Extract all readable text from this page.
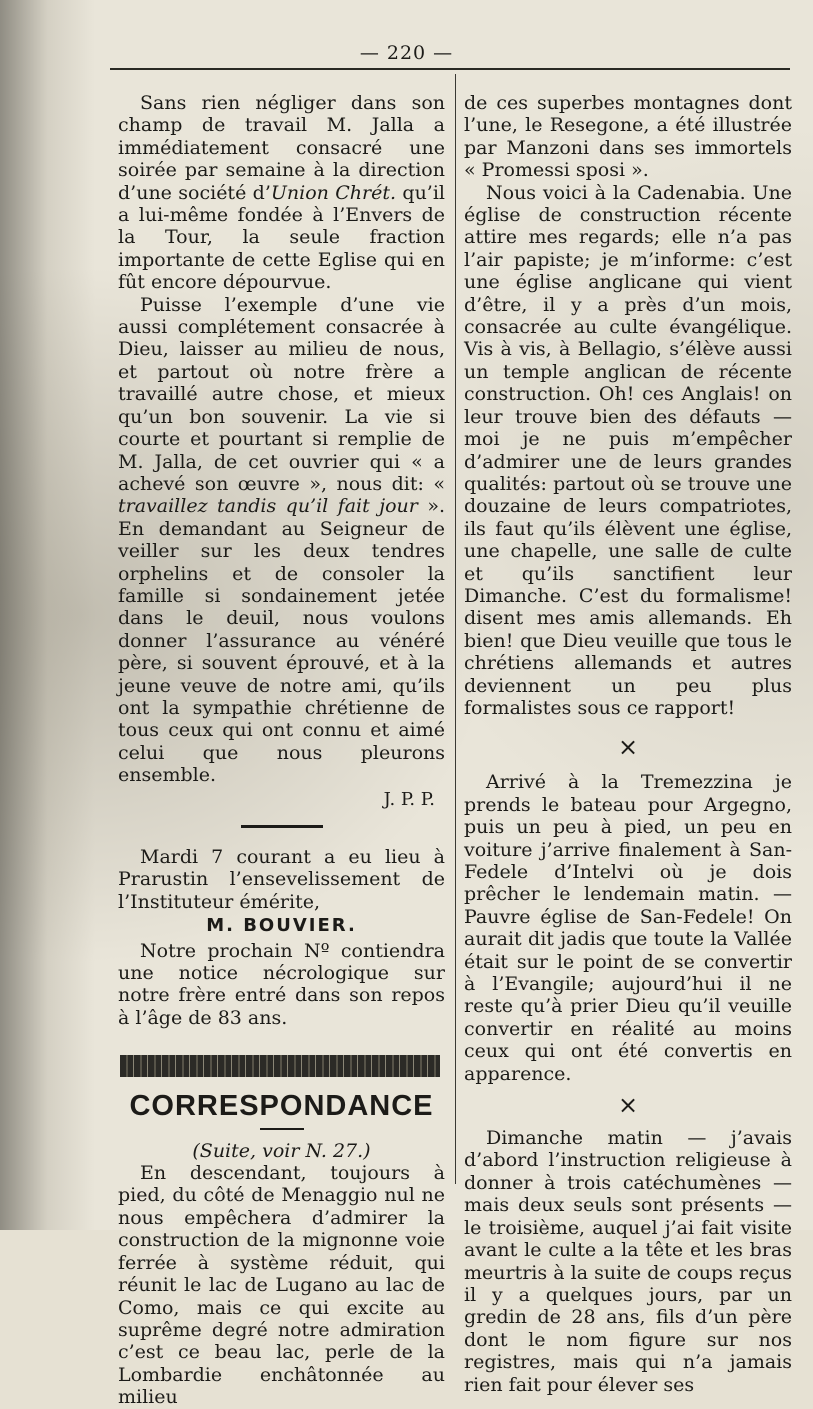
— 220 —

Sans rien négliger dans son champ de travail M. Jalla a immédiatement consacré une soirée par semaine à la direction d’une société d’Union Chrét. qu’il a lui-même fondée à l’Envers de la Tour, la seule fraction importante de cette Eglise qui en fût encore dépourvue.

Puisse l’exemple d’une vie aussi complétement consacrée à Dieu, laisser au milieu de nous, et partout où notre frère a travaillé autre chose, et mieux qu’un bon souvenir. La vie si courte et pourtant si remplie de M. Jalla, de cet ouvrier qui « a achevé son œuvre », nous dit: « travaillez tandis qu’il fait jour ». En demandant au Seigneur de veiller sur les deux tendres orphelins et de consoler la famille si sondainement jetée dans le deuil, nous voulons donner l’assurance au vénéré père, si souvent éprouvé, et à la jeune veuve de notre ami, qu’ils ont la sympathie chrétienne de tous ceux qui ont connu et aimé celui que nous pleurons ensemble.

J. P. P.

Mardi 7 courant a eu lieu à Prarustin l’ensevelissement de l’Instituteur émérite,

M. BOUVIER.

Notre prochain Nº contiendra une notice nécrologique sur notre frère entré dans son repos à l’âge de 83 ans.

CORRESPONDANCE

(Suite, voir N. 27.)

En descendant, toujours à pied, du côté de Menaggio nul ne nous empêchera d’admirer la construction de la mignonne voie ferrée à système réduit, qui réunit le lac de Lugano au lac de Como, mais ce qui excite au suprême degré notre admiration c’est ce beau lac, perle de la Lombardie enchâtonnée au milieu

de ces superbes montagnes dont l’une, le Resegone, a été illustrée par Manzoni dans ses immortels « Promessi sposi ».

Nous voici à la Cadenabia. Une église de construction récente attire mes regards; elle n’a pas l’air papiste; je m’informe: c’est une église anglicane qui vient d’être, il y a près d’un mois, consacrée au culte évangélique. Vis à vis, à Bellagio, s’élève aussi un temple anglican de récente construction. Oh! ces Anglais! on leur trouve bien des défauts — moi je ne puis m’empêcher d’admirer une de leurs grandes qualités: partout où se trouve une douzaine de leurs compatriotes, ils faut qu’ils élèvent une église, une chapelle, une salle de culte et qu’ils sanctifient leur Dimanche. C’est du formalisme! disent mes amis allemands. Eh bien! que Dieu veuille que tous le chrétiens allemands et autres deviennent un peu plus formalistes sous ce rapport!

×

Arrivé à la Tremezzina je prends le bateau pour Argegno, puis un peu à pied, un peu en voiture j’arrive finalement à San-Fedele d’Intelvi où je dois prêcher le lendemain matin. — Pauvre église de San-Fedele! On aurait dit jadis que toute la Vallée était sur le point de se convertir à l’Evangile; aujourd’hui il ne reste qu’à prier Dieu qu’il veuille convertir en réalité au moins ceux qui ont été convertis en apparence.

×

Dimanche matin — j’avais d’abord l’instruction religieuse à donner à trois catéchumènes — mais deux seuls sont présents — le troisième, auquel j’ai fait visite avant le culte a la tête et les bras meurtris à la suite de coups reçus il y a quelques jours, par un gredin de 28 ans, fils d’un père dont le nom figure sur nos registres, mais qui n’a jamais rien fait pour élever ses
